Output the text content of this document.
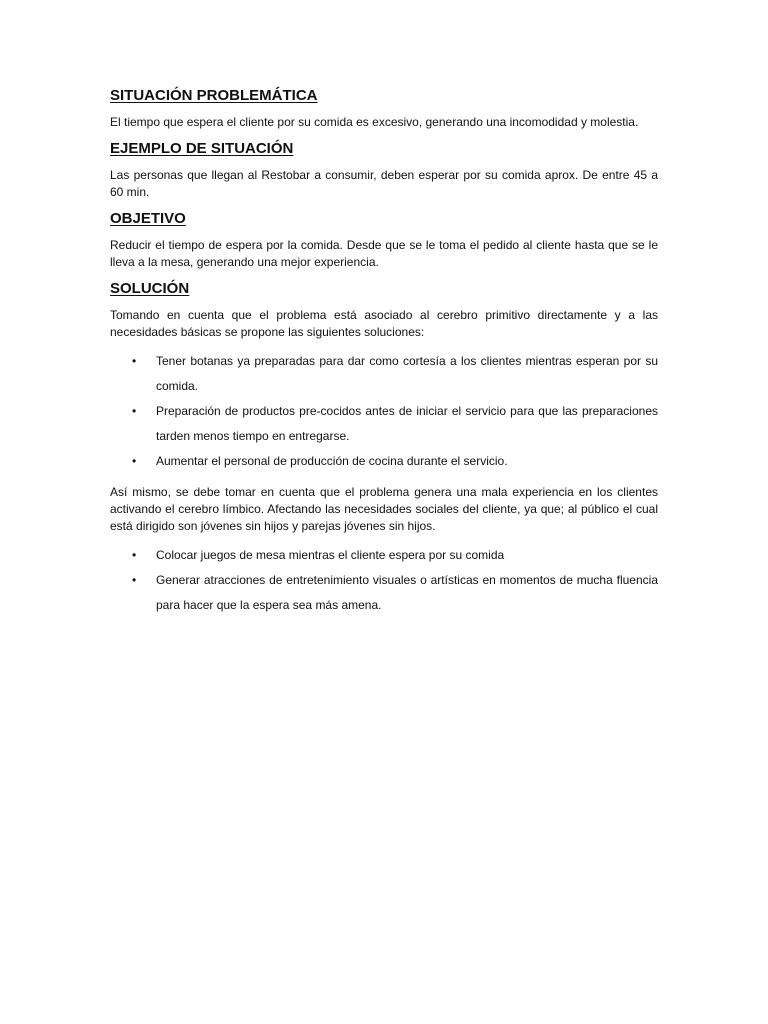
SITUACIÓN PROBLEMÁTICA

El tiempo que espera el cliente por su comida es excesivo, generando una incomodidad y molestia.

EJEMPLO DE SITUACIÓN

Las personas que llegan al Restobar a consumir, deben esperar por su comida aprox. De entre 45 a 60 min.

OBJETIVO

Reducir el tiempo de espera por la comida. Desde que se le toma el pedido al cliente hasta que se le lleva a la mesa, generando una mejor experiencia.

SOLUCIÓN

Tomando en cuenta que el problema está asociado al cerebro primitivo directamente y a las necesidades básicas se propone las siguientes soluciones:

• Tener botanas ya preparadas para dar como cortesía a los clientes mientras esperan por su comida.
• Preparación de productos pre-cocidos antes de iniciar el servicio para que las preparaciones tarden menos tiempo en entregarse.
• Aumentar el personal de producción de cocina durante el servicio.

Así mismo, se debe tomar en cuenta que el problema genera una mala experiencia en los clientes activando el cerebro límbico. Afectando las necesidades sociales del cliente, ya que; al público el cual está dirigido son jóvenes sin hijos y parejas jóvenes sin hijos.

• Colocar juegos de mesa mientras el cliente espera por su comida
• Generar atracciones de entretenimiento visuales o artísticas en momentos de mucha fluencia para hacer que la espera sea más amena.
